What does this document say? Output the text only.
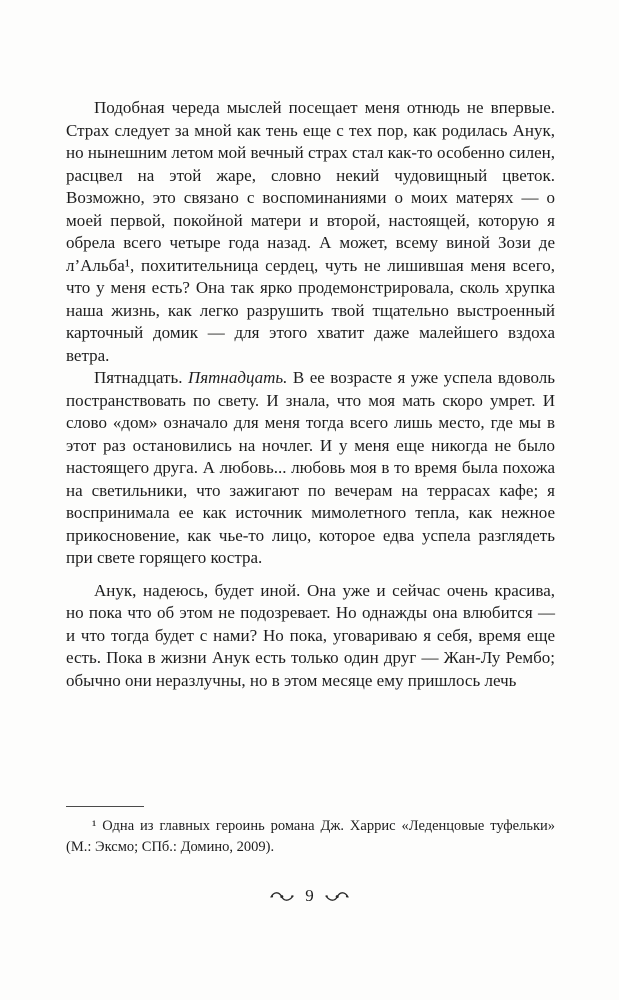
Подобная череда мыслей посещает меня отнюдь не впервые. Страх следует за мной как тень еще с тех пор, как родилась Анук, но нынешним летом мой вечный страх стал как-то особенно силен, расцвел на этой жаре, словно некий чудовищный цветок. Возможно, это связано с воспоминаниями о моих матерях — о моей первой, покойной матери и второй, настоящей, которую я обрела всего четыре года назад. А может, всему виной Зози де л’Альба¹, похитительница сердец, чуть не лишившая меня всего, что у меня есть? Она так ярко продемонстрировала, сколь хрупка наша жизнь, как легко разрушить твой тщательно выстроенный карточный домик — для этого хватит даже малейшего вздоха ветра.

Пятнадцать. Пятнадцать. В ее возрасте я уже успела вдоволь постранствовать по свету. И знала, что моя мать скоро умрет. И слово «дом» означало для меня тогда всего лишь место, где мы в этот раз остановились на ночлег. И у меня еще никогда не было настоящего друга. А любовь... любовь моя в то время была похожа на светильники, что зажигают по вечерам на террасах кафе; я воспринимала ее как источник мимолетного тепла, как нежное прикосновение, как чье-то лицо, которое едва успела разглядеть при свете горящего костра.

Анук, надеюсь, будет иной. Она уже и сейчас очень красива, но пока что об этом не подозревает. Но однажды она влюбится — и что тогда будет с нами? Но пока, уговариваю я себя, время еще есть. Пока в жизни Анук есть только один друг — Жан-Лу Рембо; обычно они неразлучны, но в этом месяце ему пришлось лечь

¹ Одна из главных героинь романа Дж. Харрис «Леденцовые туфельки» (М.: Эксмо; СПб.: Домино, 2009).

9
